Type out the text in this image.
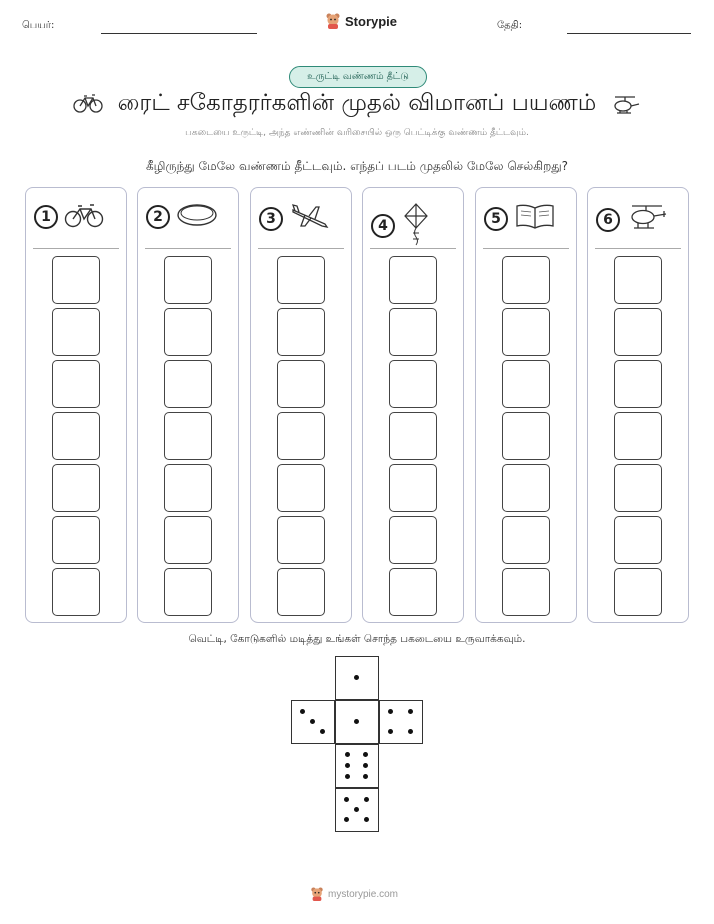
பெயர்:	Storypie	தேதி:
உருட்டி வண்ணம் தீட்டு
ரைட் சகோதரர்களின் முதல் விமானப் பயணம்
பகடையை உருட்டி, அந்த எண்ணின் வரிசையில் ஒரு பெட்டிக்கு வண்ணம் தீட்டவும்.
கீழிருந்து மேலே வண்ணம் தீட்டவும். எந்தப் படம் முதலில் மேலே செல்கிறது?
1	2	3	4	5	6
வெட்டி, கோடுகளில் மடித்து உங்கள் சொந்த பகடையை உருவாக்கவும்.
mystorypie.com
